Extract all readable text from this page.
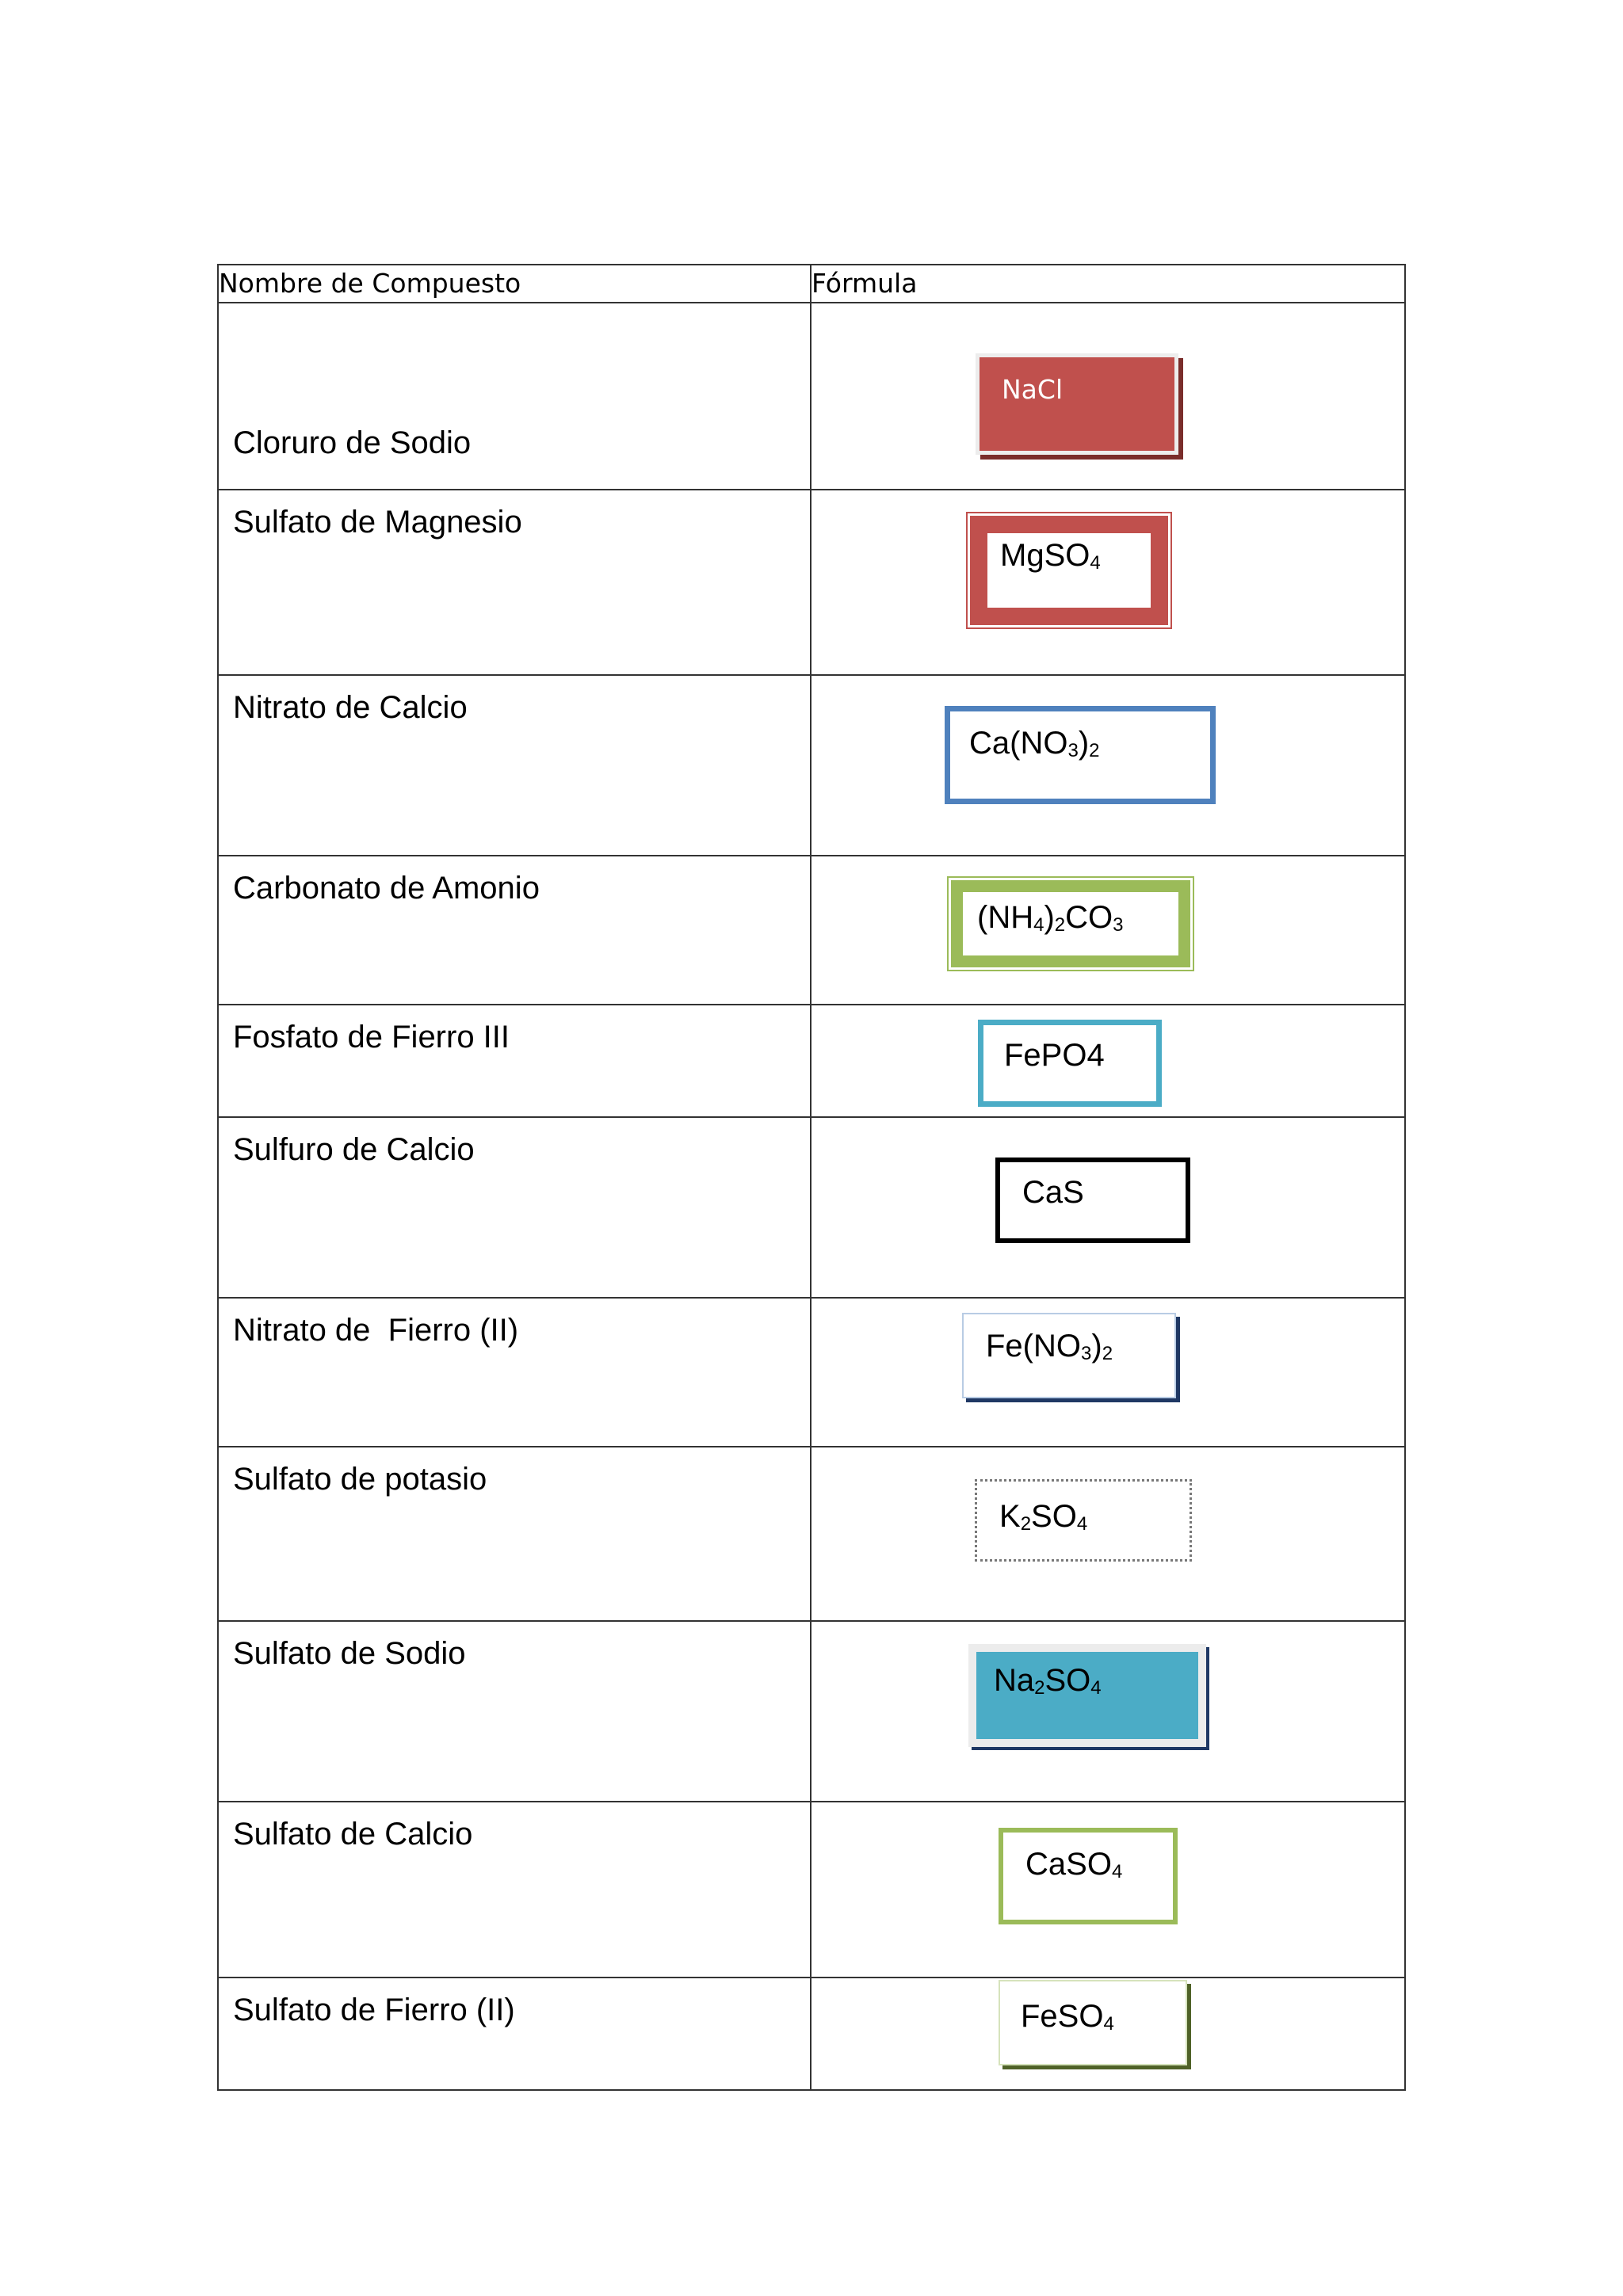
Nombre de Compuesto	Fórmula

Cloruro de Sodio	NaCl

Sulfato de Magnesio	MgSO$_4$

Nitrato de Calcio	$Ca(NO_3)_2$

Carbonato de Amonio	$(NH_4)_2CO_3$

Fosfato de Fierro III	FePO4

Sulfuro de Calcio	CaS

Nitrato de  Fierro (II)	$Fe(NO_3)_2$

Sulfato de potasio	$K_2SO_4$

Sulfato de Sodio	$Na_2SO_4$

Sulfato de Calcio	CaSO$_4$

Sulfato de Fierro (II)	FeSO$_4$
